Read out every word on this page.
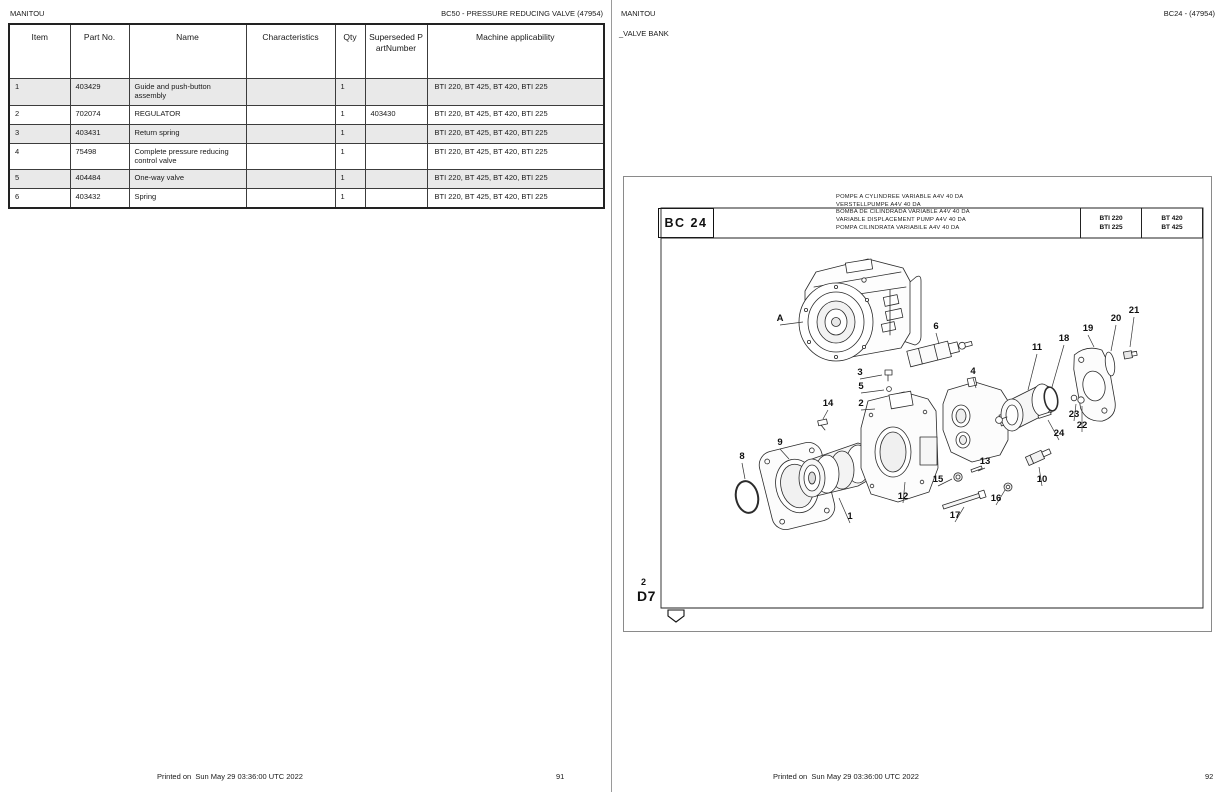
MANITOU	BC50 - PRESSURE REDUCING VALVE (47954)
Item	Part No.	Name	Characteristics	Qty	Superseded PartNumber	Machine applicability
1	403429	Guide and push-button assembly		1		BTI 220, BT 425, BT 420, BTI 225
2	702074	REGULATOR		1	403430	BTI 220, BT 425, BT 420, BTI 225
3	403431	Return spring		1		BTI 220, BT 425, BT 420, BTI 225
4	75498	Complete pressure reducing control valve		1		BTI 220, BT 425, BT 420, BTI 225
5	404484	One-way valve		1		BTI 220, BT 425, BT 420, BTI 225
6	403432	Spring		1		BTI 220, BT 425, BT 420, BTI 225
Printed on Sun May 29 03:36:00 UTC 2022	91
MANITOU	BC24 - (47954)
_VALVE BANK
BC 24
POMPE A CYLINDREE VARIABLE A4V 40 DA
VERSTELLPUMPE A4V 40 DA
BOMBA DE CILINDRADA VARIABLE A4V 40 DA
VARIABLE DISPLACEMENT PUMP A4V 40 DA
POMPA CILINDRATA VARIABILE A4V 40 DA
BTI 220
BTI 225
BT 420
BT 425
2
D7
A
6
3
5
2
14
9
8
1
12
15
17
13
16
10
4
11
18
19
20
21
23
22
24
Printed on Sun May 29 03:36:00 UTC 2022	92
